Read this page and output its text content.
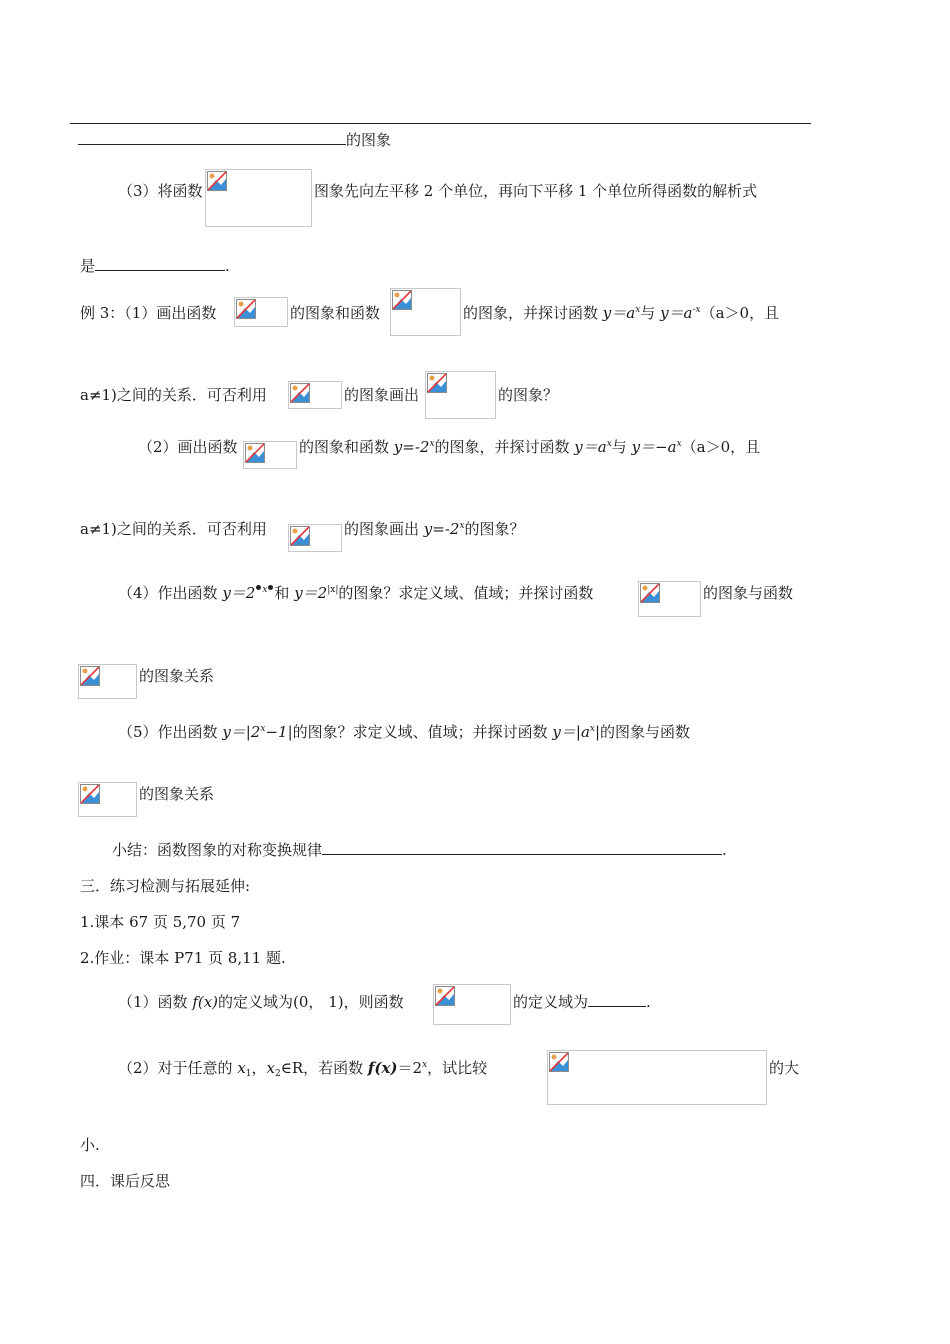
的图象
（3）将函数	图象先向左平移 2 个单位，再向下平移 1 个单位所得函数的解析式
是	.
例 3：（1）画出函数	的图象和函数	的图象，并探讨函数 $y=a^x$与 $y=a^{-x}(a>0$，且
a≠1)之间的关系．可否利用	的图象画出	的图象？
（2）画出函数	的图象和函数 $y=-2^x$的图象，并探讨函数 $y=a^x$与 $y=-a^x(a>0$，且
a≠1)之间的关系．可否利用	的图象画出 $y=-2^x$的图象？
（4）作出函数 y＝2 $^x$ 和 $y=2^{|x|}$的图象？求定义域、值域；并探讨函数	的图象与函数
的图象关系
（5）作出函数 $y=|2^x-1|$的图象？求定义域、值域；并探讨函数 $y=|a^x|$的图象与函数
的图象关系
小结：函数图象的对称变换规律	.
三．练习检测与拓展延伸:
1.课本 67 页 5,70 页 7
2.作业：课本 P71 页 8,11 题.
（1）函数 f(x)的定义域为(0， 1)，则函数	的定义域为	.
（2）对于任意的 $x_1$，$x_2\in R$，若函数 $f(x)=2^x$，试比较	的大
小.
四．课后反思
